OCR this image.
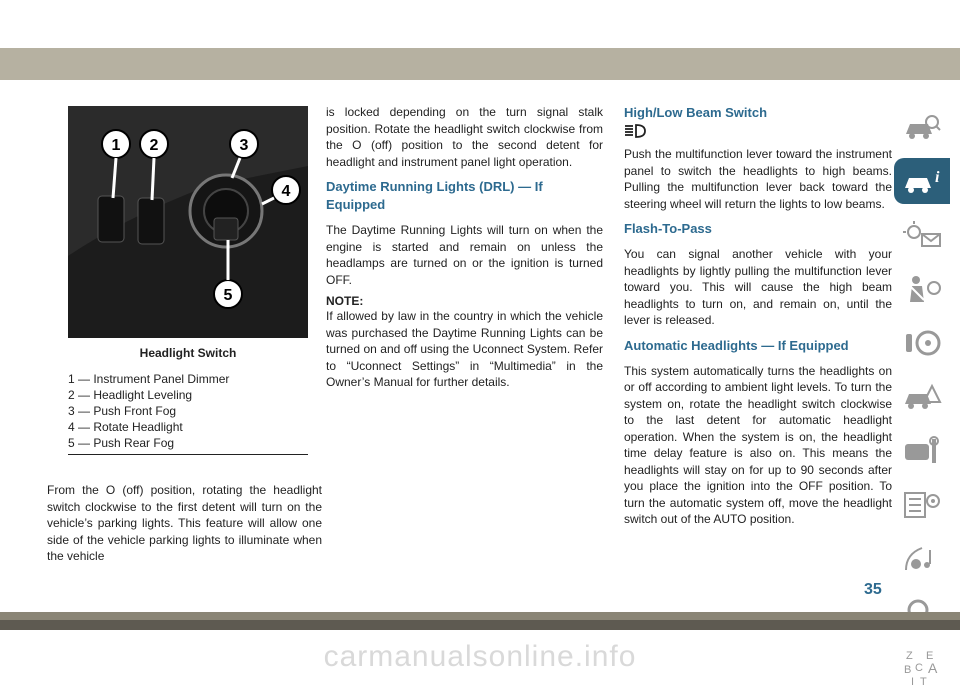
1 2	3
4
5
Headlight Switch
1 — Instrument Panel Dimmer
2 — Headlight Leveling
3 — Push Front Fog
4 — Rotate Headlight
5 — Push Rear Fog

From the O (off) position, rotating the headlight switch clockwise to the first detent will turn on the vehicle’s parking lights. This feature will allow one side of the vehicle parking lights to illuminate when the vehicle

is locked depending on the turn signal stalk position. Rotate the headlight switch clockwise from the O (off) position to the second detent for headlight and instrument panel light operation.

Daytime Running Lights (DRL) — If Equipped

The Daytime Running Lights will turn on when the engine is started and remain on unless the headlamps are turned on or the ignition is turned OFF.

NOTE:

If allowed by law in the country in which the vehicle was purchased the Daytime Running Lights can be turned on and off using the Uconnect System. Refer to “Uconnect Settings” in “Multimedia” in the Owner’s Manual for further details.

High/Low Beam Switch

Push the multifunction lever toward the instrument panel to switch the headlights to high beams. Pulling the multifunction lever back toward the steering wheel will return the lights to low beams.

Flash-To-Pass

You can signal another vehicle with your headlights by lightly pulling the multifunction lever toward you. This will cause the high beam headlights to turn on, and remain on, until the lever is released.

Automatic Headlights — If Equipped

This system automatically turns the headlights on or off according to ambient light levels. To turn the system on, rotate the headlight switch clockwise to the last detent for automatic headlight operation. When the system is on, the headlight time delay feature is also on. This means the headlights will stay on for up to 90 seconds after you place the ignition into the OFF position. To turn the automatic system off, move the headlight switch out of the AUTO position.

i
Z E
B A
C
T
I
35
carmanualsonline.info
